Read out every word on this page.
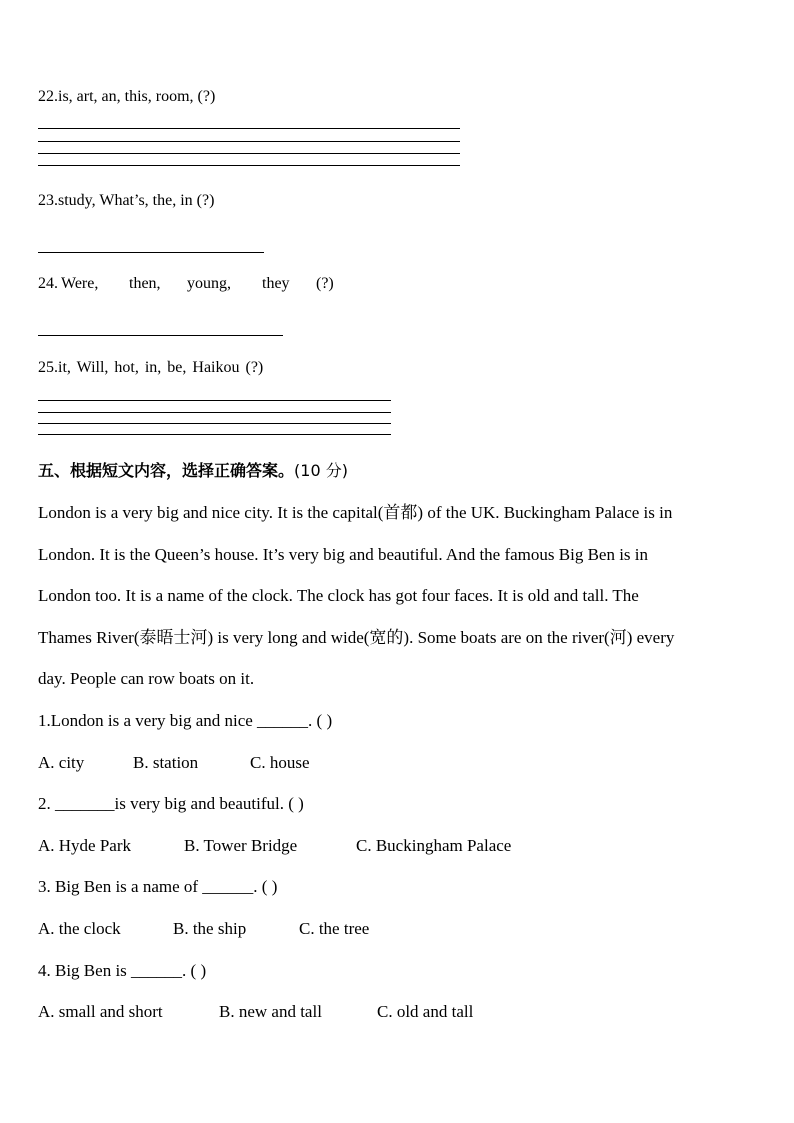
22.is, art, an, this, room, (?)
23.study, What’s, the, in (?)
24. Were, then, young, they (?)
25.it, Will, hot, in, be, Haikou (?)
五、根据短文内容，选择正确答案。(10 分)
London is a very big and nice city. It is the capital(首都) of the UK. Buckingham Palace is in
London. It is the Queen’s house. It’s very big and beautiful. And the famous Big Ben is in
London too. It is a name of the clock. The clock has got four faces. It is old and tall. The
Thames River(泰晤士河) is very long and wide(宽的). Some boats are on the river(河) every
day. People can row boats on it.
1.London is a very big and nice ______. ( )
A. city	B. station	C. house
2. _______is very big and beautiful. ( )
A. Hyde Park	B. Tower Bridge	C. Buckingham Palace
3. Big Ben is a name of ______. ( )
A. the clock	B. the ship	C. the tree
4. Big Ben is ______. ( )
A. small and short	B. new and tall	C. old and tall
